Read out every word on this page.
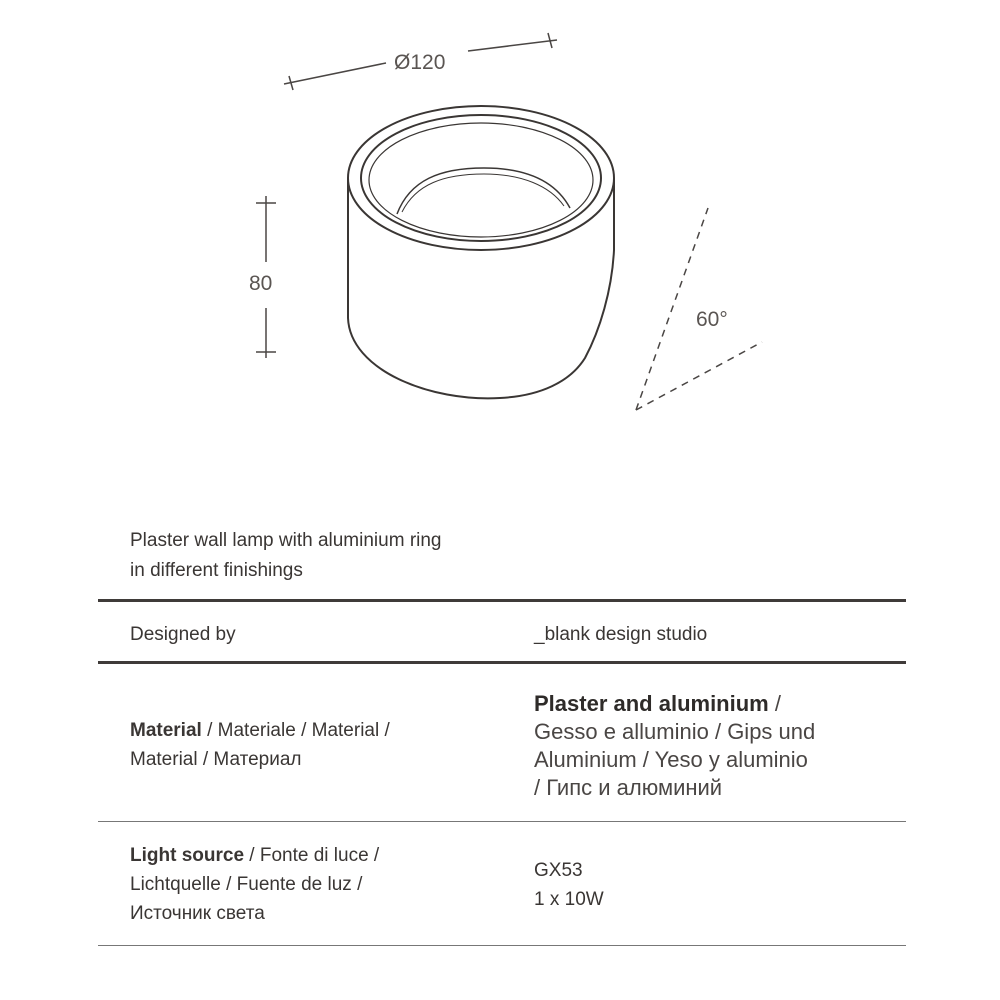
Ø120
80
60°
Plaster wall lamp with aluminium ring
in different finishings
Designed by	_blank design studio
Material / Materiale / Material /
Material / Материал
Plaster and aluminium /
Gesso e alluminio / Gips und
Aluminium / Yeso y aluminio
/ Гипс и алюминий
Light source / Fonte di luce /
Lichtquelle / Fuente de luz /
Источник света
GX53
1 x 10W
